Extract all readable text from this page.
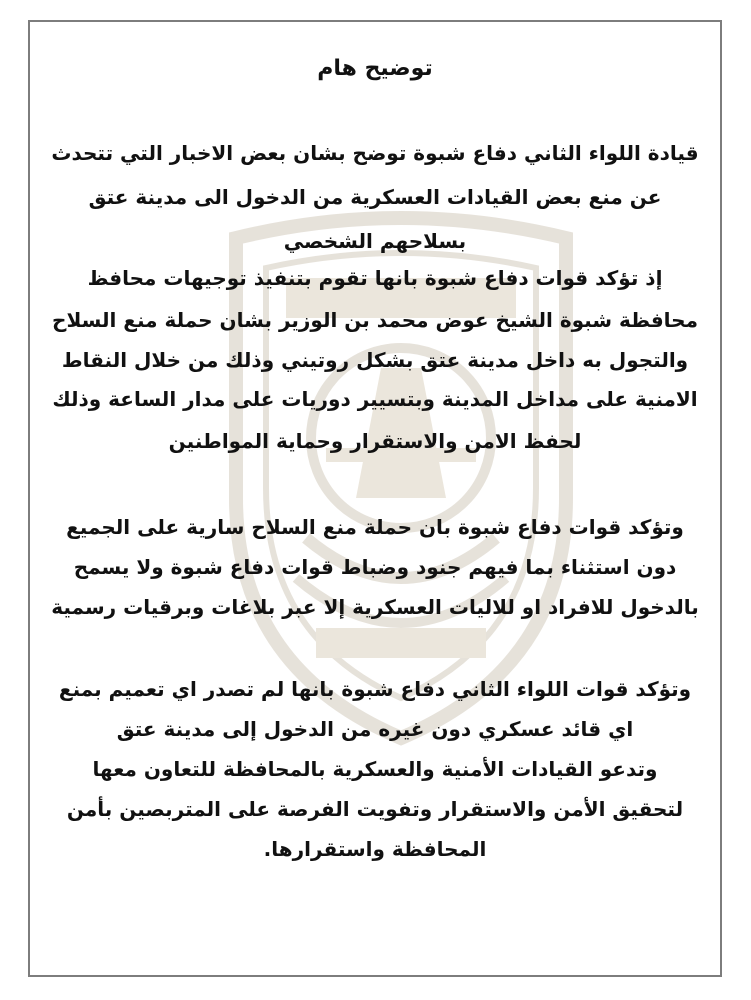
توضيح هام
قيادة اللواء الثاني دفاع شبوة توضح بشان بعض الاخبار التي تتحدث
عن منع بعض القيادات العسكرية من الدخول الى مدينة عتق
بسلاحهم الشخصي
إذ تؤكد قوات دفاع شبوة بانها تقوم بتنفيذ توجيهات محافظ
محافظة شبوة الشيخ عوض محمد بن الوزير بشان حملة منع السلاح
والتجول به داخل مدينة عتق بشكل روتيني وذلك من خلال النقاط
الامنية على مداخل المدينة وبتسيير دوريات على مدار الساعة وذلك
لحفظ الامن والاستقرار وحماية المواطنين
وتؤكد قوات دفاع شبوة بان حملة منع السلاح سارية على الجميع
دون استثناء بما فيهم جنود وضباط قوات دفاع شبوة ولا يسمح
بالدخول للافراد او للاليات العسكرية إلا عبر بلاغات وبرقيات رسمية
وتؤكد قوات اللواء الثاني دفاع شبوة بانها لم تصدر اي تعميم بمنع
اي قائد عسكري دون غيره من الدخول إلى مدينة عتق
وتدعو القيادات الأمنية والعسكرية بالمحافظة للتعاون معها
لتحقيق الأمن والاستقرار وتفويت الفرصة على المتربصين بأمن
المحافظة واستقرارها.
